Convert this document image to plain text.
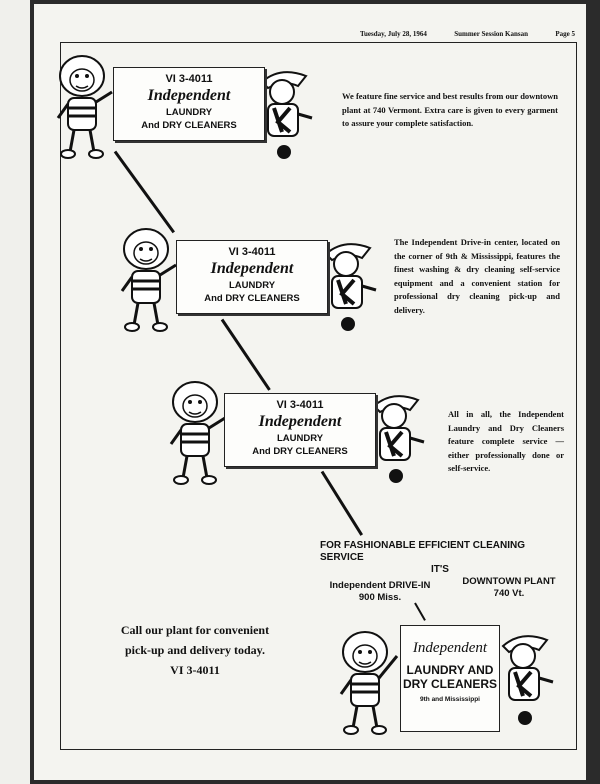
Tuesday, July 28, 1964	Summer Session Kansan	Page 5
VI 3-4011
Independent
LAUNDRY
And DRY CLEANERS
We feature fine service and best results from our downtown plant at 740 Vermont. Extra care is given to every garment to assure your complete satisfaction.
VI 3-4011
Independent
LAUNDRY
And DRY CLEANERS
The Independent Drive-in center, located on the corner of 9th & Mississippi, features the finest washing & dry cleaning self-service equipment and a convenient station for professional dry cleaning pick-up and delivery.
VI 3-4011
Independent
LAUNDRY
And DRY CLEANERS
All in all, the Independent Laundry and Dry Cleaners feature complete service — either professionally done or self-service.
FOR FASHIONABLE EFFICIENT CLEANING SERVICE
IT'S
Independent DRIVE-IN
900 Miss.
DOWNTOWN PLANT
740 Vt.
Call our plant for convenient
pick-up and delivery today.
VI 3-4011
Independent
LAUNDRY AND
DRY CLEANERS
9th and Mississippi
